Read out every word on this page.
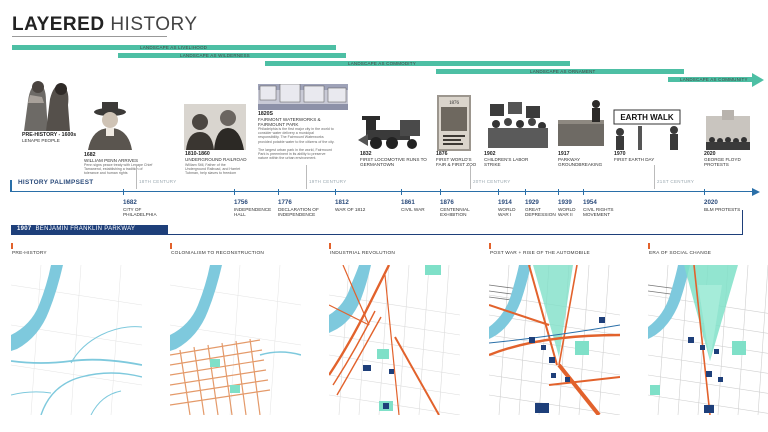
LAYERED HISTORY
LANDSCAPE AS LIVELIHOOD
LANDSCAPE AS WILDERNESS
LANDSCAPE AS COMMODITY
LANDSCAPE AS ORNAMENT
LANDSCAPE AS COMMUNITY
1876
EARTH WALK
PRE-HISTORY - 1600s
LENAPE PEOPLE
1682
WILLIAM PENN ARRIVES
Penn signs peace treaty with Lenape Chief Tamanend, establishing a tradition of tolerance and human rights
1810-1860
UNDERGROUND RAILROAD
William Still, Father of the Underground Railroad, and Harriet Tubman, help slaves to freedom
1820S
FAIRMONT WATERWORKS & FAIRMOUNT PARK
Philadelphia is the first major city in the world to consider water delivery a municipal responsibility. The Fairmount Waterworks provided potable water to the citizens of the city.
The largest urban park in the world, Fairmount Park is preeminent in its ability to preserve nature within the urban environment.
1832
FIRST LOCOMOTIVE RUNS TO GERMANTOWN
1876
FIRST WORLD'S FAIR & FIRST ZOO
1902
CHILDREN'S LABOR STRIKE
1917
PARKWAY GROUNDBREAKING
1970
FIRST EARTH DAY
2020
GEORGE FLOYD PROTESTS
18TH CENTURY	19TH CENTURY	20TH CENTURY	21ST CENTURY
HISTORY PALIMPSEST
1682
CITY OF
PHILADELPHIA
1756
INDEPENDENCE
HALL
1776
DECLARATION OF
INDEPENDENCE
1812
WAR OF 1812
1861
CIVIL WAR
1876
CENTENNIAL
EXHIBITION
1914
WORLD
WAR I
1929
GREAT
DEPRESSION
1939
WORLD
WAR II
1954
CIVIL RIGHTS
MOVEMENT
2020
BLM PROTESTS
1907 BENJAMIN FRANKLIN PARKWAY
PRE-HISTORY	COLONIALISM TO RECONSTRUCTION	INDUSTRIAL REVOLUTION	POST WAR + RISE OF THE AUTOMOBILE	ERA OF SOCIAL CHANGE
